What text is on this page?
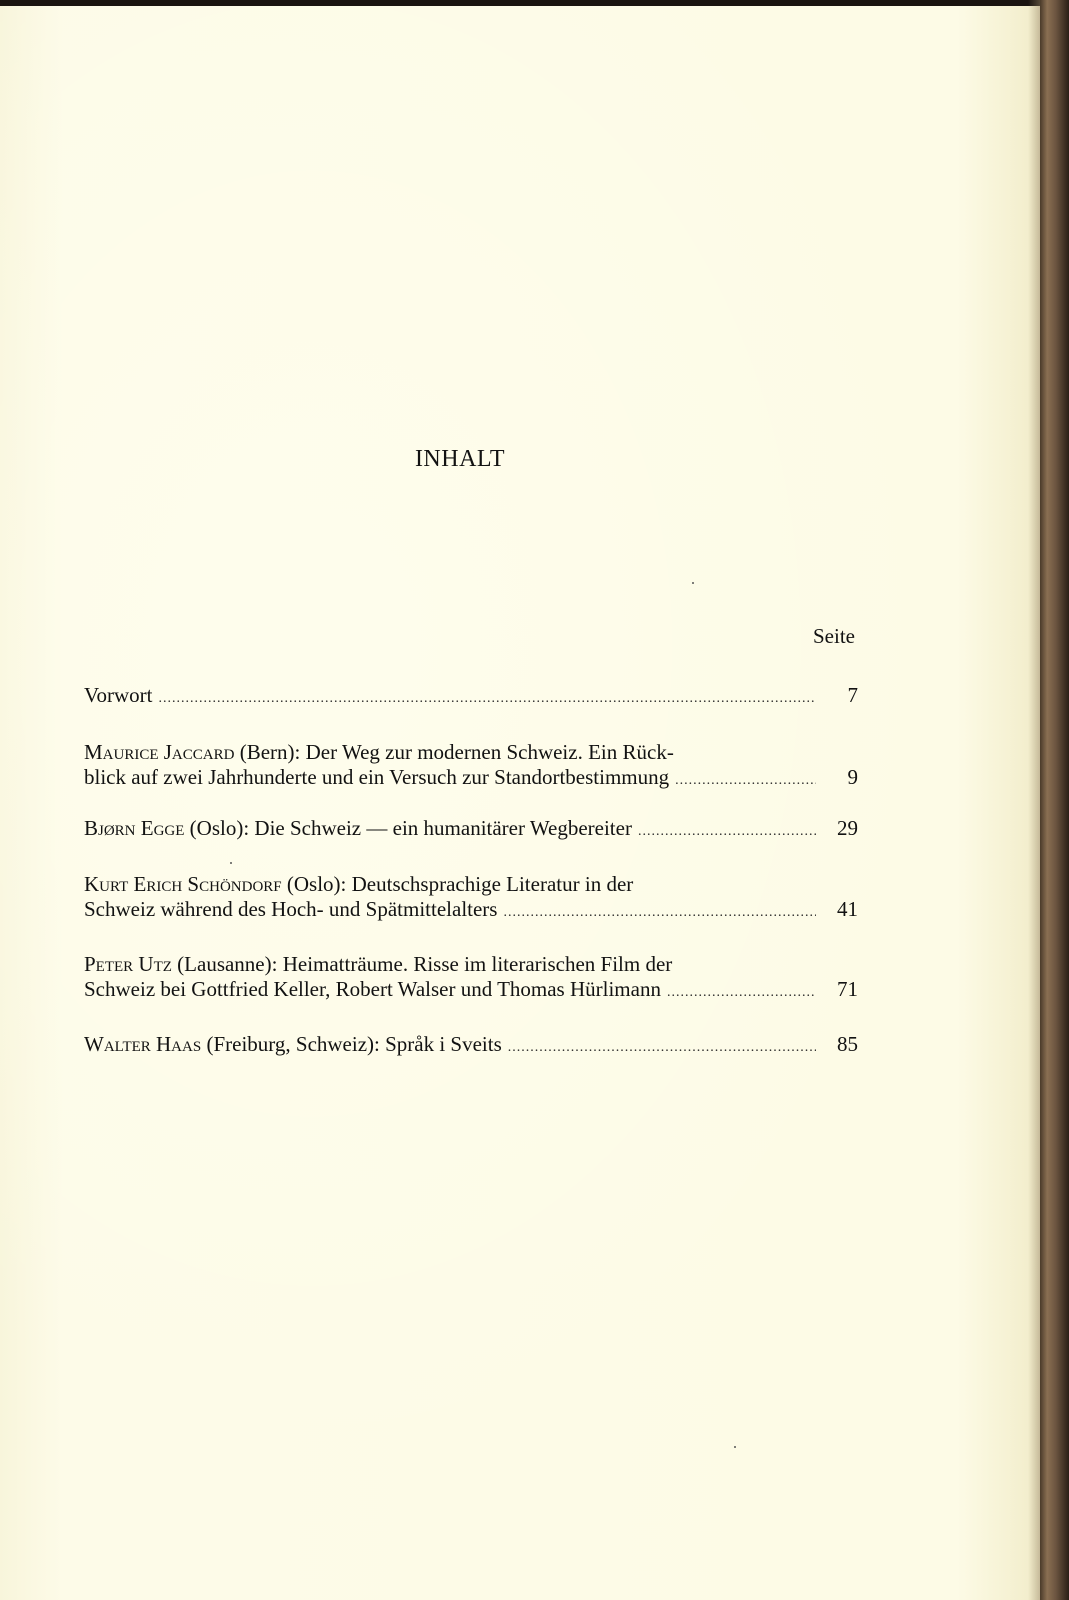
INHALT
Seite
Vorwort .....	7
Maurice Jaccard (Bern): Der Weg zur modernen Schweiz. Ein Rück-
blick auf zwei Jahrhunderte und ein Versuch zur Standortbestimmung .....	9
Bjørn Egge (Oslo): Die Schweiz — ein humanitärer Wegbereiter .....	29
Kurt Erich Schöndorf (Oslo): Deutschsprachige Literatur in der
Schweiz während des Hoch- und Spätmittelalters .....	41
Peter Utz (Lausanne): Heimatträume. Risse im literarischen Film der
Schweiz bei Gottfried Keller, Robert Walser und Thomas Hürlimann .....	71
Walter Haas (Freiburg, Schweiz): Språk i Sveits .....	85
